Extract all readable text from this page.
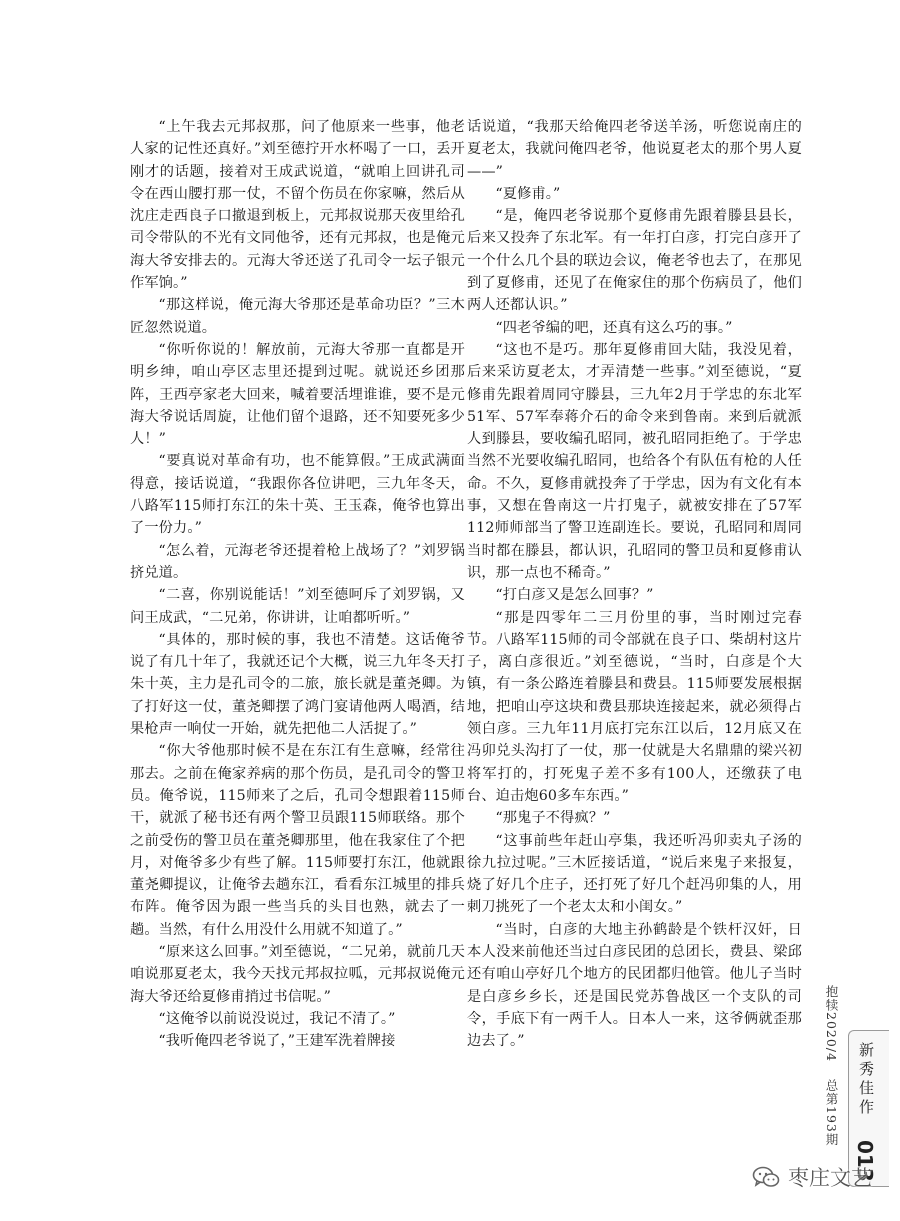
“上午我去元邦叔那，问了他原来一些事，他老人家的记性还真好。”刘至德拧开水杯喝了一口，丢开刚才的话题，接着对王成武说道，“就咱上回讲孔司令在西山腰打那一仗，不留个伤员在你家嘛，然后从沈庄走西良子口撤退到板上，元邦叔说那天夜里给孔司令带队的不光有文同他爷，还有元邦叔，也是俺元海大爷安排去的。元海大爷还送了孔司令一坛子银元作军饷。”

“那这样说，俺元海大爷那还是革命功臣？”三木匠忽然说道。

“你听你说的！解放前，元海大爷那一直都是开明乡绅，咱山亭区志里还提到过呢。就说还乡团那阵，王西亭家老大回来，喊着要活埋谁谁，要不是元海大爷说话周旋，让他们留个退路，还不知要死多少人！”

“要真说对革命有功，也不能算假。”王成武满面得意，接话说道，“我跟你各位讲吧，三九年冬天，八路军115师打东江的朱十英、王玉森，俺爷也算出了一份力。”

“怎么着，元海老爷还提着枪上战场了？”刘罗锅挤兑道。

“二喜，你别说能话！”刘至德呵斥了刘罗锅，又问王成武，“二兄弟，你讲讲，让咱都听听。”

“具体的，那时候的事，我也不清楚。这话俺爷说了有几十年了，我就还记个大概，说三九年冬天打朱十英，主力是孔司令的二旅，旅长就是董尧卿。为了打好这一仗，董尧卿摆了鸿门宴请他两人喝酒，结果枪声一响仗一开始，就先把他二人活捉了。”

“你大爷他那时候不是在东江有生意嘛，经常往那去。之前在俺家养病的那个伤员，是孔司令的警卫员。俺爷说，115师来了之后，孔司令想跟着115师干，就派了秘书还有两个警卫员跟115师联络。那个之前受伤的警卫员在董尧卿那里，他在我家住了个把月，对俺爷多少有些了解。115师要打东江，他就跟董尧卿提议，让俺爷去趟东江，看看东江城里的排兵布阵。俺爷因为跟一些当兵的头目也熟，就去了一趟。当然，有什么用没什么用就不知道了。”

“原来这么回事。”刘至德说，“二兄弟，就前几天咱说那夏老太，我今天找元邦叔拉呱，元邦叔说俺元海大爷还给夏修甫捎过书信呢。”

“这俺爷以前说没说过，我记不清了。”

“我听俺四老爷说了，”王建军洗着牌接

话说道，“我那天给俺四老爷送羊汤，听您说南庄的夏老太，我就问俺四老爷，他说夏老太的那个男人夏——”

“夏修甫。”

“是，俺四老爷说那个夏修甫先跟着滕县县长，后来又投奔了东北军。有一年打白彦，打完白彦开了一个什么几个县的联边会议，俺老爷也去了，在那见到了夏修甫，还见了在俺家住的那个伤病员了，他们两人还都认识。”

“四老爷编的吧，还真有这么巧的事。”

“这也不是巧。那年夏修甫回大陆，我没见着，后来采访夏老太，才弄清楚一些事。”刘至德说，“夏修甫先跟着周同守滕县，三九年2月于学忠的东北军51军、57军奉蒋介石的命令来到鲁南。来到后就派人到滕县，要收编孔昭同，被孔昭同拒绝了。于学忠当然不光要收编孔昭同，也给各个有队伍有枪的人任命。不久，夏修甫就投奔了于学忠，因为有文化有本事，又想在鲁南这一片打鬼子，就被安排在了57军112师师部当了警卫连副连长。要说，孔昭同和周同当时都在滕县，都认识，孔昭同的警卫员和夏修甫认识，那一点也不稀奇。”

“打白彦又是怎么回事？”

“那是四零年二三月份里的事，当时刚过完春节。八路军115师的司令部就在良子口、柴胡村这片子，离白彦很近。”刘至德说，“当时，白彦是个大镇，有一条公路连着滕县和费县。115师要发展根据地，把咱山亭这块和费县那块连接起来，就必须得占领白彦。三九年11月底打完东江以后，12月底又在冯卯兑头沟打了一仗，那一仗就是大名鼎鼎的梁兴初将军打的，打死鬼子差不多有100人，还缴获了电台、迫击炮60多车东西。”

“那鬼子不得疯？”

“这事前些年赶山亭集，我还听冯卯卖丸子汤的徐九拉过呢。”三木匠接话道，“说后来鬼子来报复，烧了好几个庄子，还打死了好几个赶冯卯集的人，用刺刀挑死了一个老太太和小闺女。”

“当时，白彦的大地主孙鹤龄是个铁杆汉奸，日本人没来前他还当过白彦民团的总团长，费县、梁邱还有咱山亭好几个地方的民团都归他管。他儿子当时是白彦乡乡长，还是国民党苏鲁战区一个支队的司令，手底下有一两千人。日本人一来，这爷俩就歪那边去了。”

新秀佳作
013
抱犊2020/4 总第193期
枣庄文艺
